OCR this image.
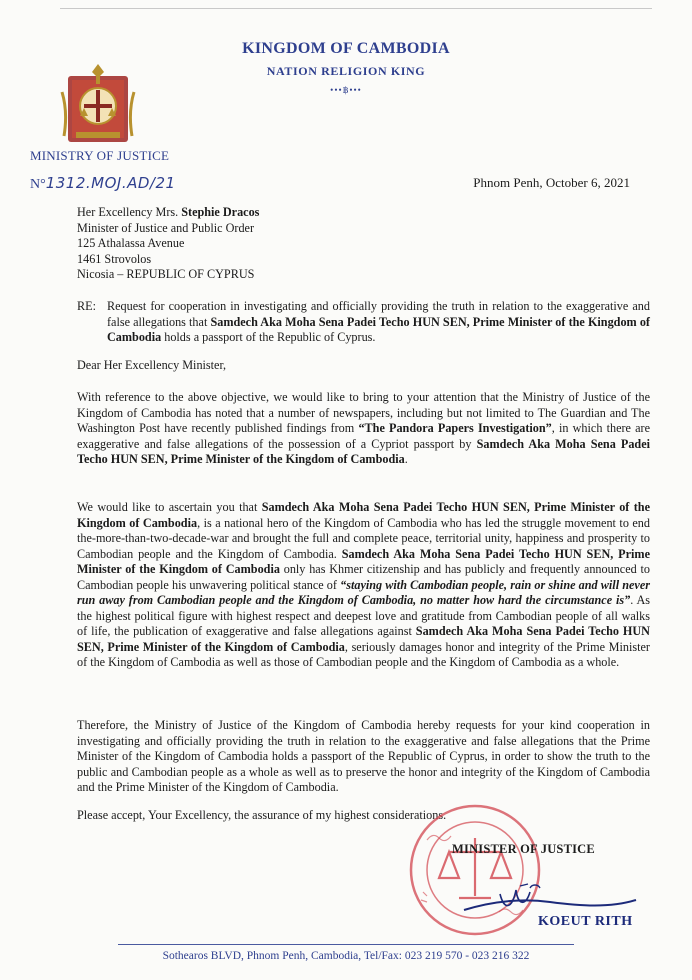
KINGDOM OF CAMBODIA
NATION RELIGION KING
•••฿•••
MINISTRY OF JUSTICE
N°1312.MOJ.AD/21	Phnom Penh, October 6, 2021
Her Excellency Mrs. Stephie Dracos
Minister of Justice and Public Order
125 Athalassa Avenue
1461 Strovolos
Nicosia – REPUBLIC OF CYPRUS
RE: Request for cooperation in investigating and officially providing the truth in relation to the exaggerative and false allegations that Samdech Aka Moha Sena Padei Techo HUN SEN, Prime Minister of the Kingdom of Cambodia holds a passport of the Republic of Cyprus.
Dear Her Excellency Minister,
With reference to the above objective, we would like to bring to your attention that the Ministry of Justice of the Kingdom of Cambodia has noted that a number of newspapers, including but not limited to The Guardian and The Washington Post have recently published findings from “The Pandora Papers Investigation”, in which there are exaggerative and false allegations of the possession of a Cypriot passport by Samdech Aka Moha Sena Padei Techo HUN SEN, Prime Minister of the Kingdom of Cambodia.
We would like to ascertain you that Samdech Aka Moha Sena Padei Techo HUN SEN, Prime Minister of the Kingdom of Cambodia, is a national hero of the Kingdom of Cambodia who has led the struggle movement to end the-more-than-two-decade-war and brought the full and complete peace, territorial unity, happiness and prosperity to Cambodian people and the Kingdom of Cambodia. Samdech Aka Moha Sena Padei Techo HUN SEN, Prime Minister of the Kingdom of Cambodia only has Khmer citizenship and has publicly and frequently announced to Cambodian people his unwavering political stance of “staying with Cambodian people, rain or shine and will never run away from Cambodian people and the Kingdom of Cambodia, no matter how hard the circumstance is”. As the highest political figure with highest respect and deepest love and gratitude from Cambodian people of all walks of life, the publication of exaggerative and false allegations against Samdech Aka Moha Sena Padei Techo HUN SEN, Prime Minister of the Kingdom of Cambodia, seriously damages honor and integrity of the Prime Minister of the Kingdom of Cambodia as well as those of Cambodian people and the Kingdom of Cambodia as a whole.
Therefore, the Ministry of Justice of the Kingdom of Cambodia hereby requests for your kind cooperation in investigating and officially providing the truth in relation to the exaggerative and false allegations that the Prime Minister of the Kingdom of Cambodia holds a passport of the Republic of Cyprus, in order to show the truth to the public and Cambodian people as a whole as well as to preserve the honor and integrity of the Kingdom of Cambodia and the Prime Minister of the Kingdom of Cambodia.
Please accept, Your Excellency, the assurance of my highest considerations.
MINISTER OF JUSTICE
KOEUT RITH
Sothearos BLVD, Phnom Penh, Cambodia, Tel/Fax: 023 219 570 - 023 216 322
